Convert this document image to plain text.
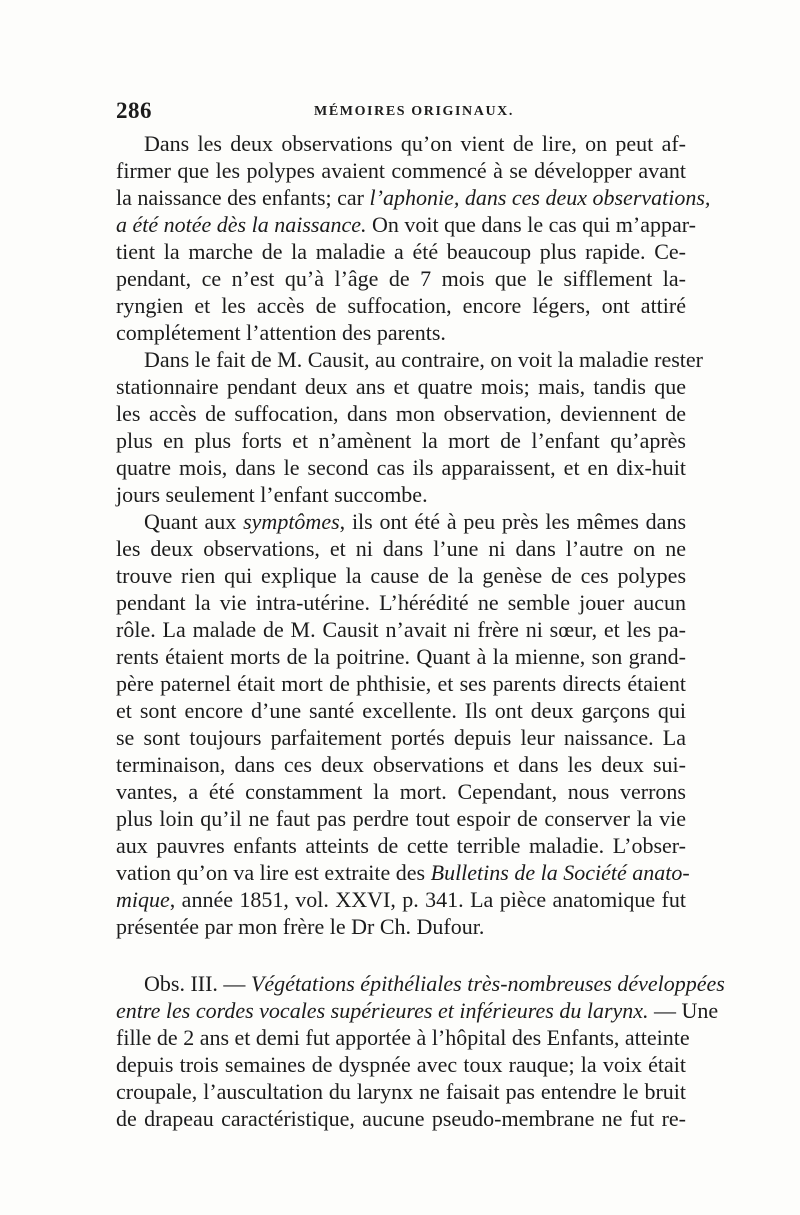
286	MÉMOIRES ORIGINAUX.
Dans les deux observations qu’on vient de lire, on peut af-
firmer que les polypes avaient commencé à se développer avant
la naissance des enfants; car l’aphonie, dans ces deux observations,
a été notée dès la naissance. On voit que dans le cas qui m’appar-
tient la marche de la maladie a été beaucoup plus rapide. Ce-
pendant, ce n’est qu’à l’âge de 7 mois que le sifflement la-
ryngien et les accès de suffocation, encore légers, ont attiré
complétement l’attention des parents.
Dans le fait de M. Causit, au contraire, on voit la maladie rester
stationnaire pendant deux ans et quatre mois; mais, tandis que
les accès de suffocation, dans mon observation, deviennent de
plus en plus forts et n’amènent la mort de l’enfant qu’après
quatre mois, dans le second cas ils apparaissent, et en dix-huit
jours seulement l’enfant succombe.
Quant aux symptômes, ils ont été à peu près les mêmes dans
les deux observations, et ni dans l’une ni dans l’autre on ne
trouve rien qui explique la cause de la genèse de ces polypes
pendant la vie intra-utérine. L’hérédité ne semble jouer aucun
rôle. La malade de M. Causit n’avait ni frère ni sœur, et les pa-
rents étaient morts de la poitrine. Quant à la mienne, son grand-
père paternel était mort de phthisie, et ses parents directs étaient
et sont encore d’une santé excellente. Ils ont deux garçons qui
se sont toujours parfaitement portés depuis leur naissance. La
terminaison, dans ces deux observations et dans les deux sui-
vantes, a été constamment la mort. Cependant, nous verrons
plus loin qu’il ne faut pas perdre tout espoir de conserver la vie
aux pauvres enfants atteints de cette terrible maladie. L’obser-
vation qu’on va lire est extraite des Bulletins de la Société anato-
mique, année 1851, vol. XXVI, p. 341. La pièce anatomique fut
présentée par mon frère le Dr Ch. Dufour.
Obs. III. — Végétations épithéliales très-nombreuses développées
entre les cordes vocales supérieures et inférieures du larynx. — Une
fille de 2 ans et demi fut apportée à l’hôpital des Enfants, atteinte
depuis trois semaines de dyspnée avec toux rauque; la voix était
croupale, l’auscultation du larynx ne faisait pas entendre le bruit
de drapeau caractéristique, aucune pseudo-membrane ne fut re-
